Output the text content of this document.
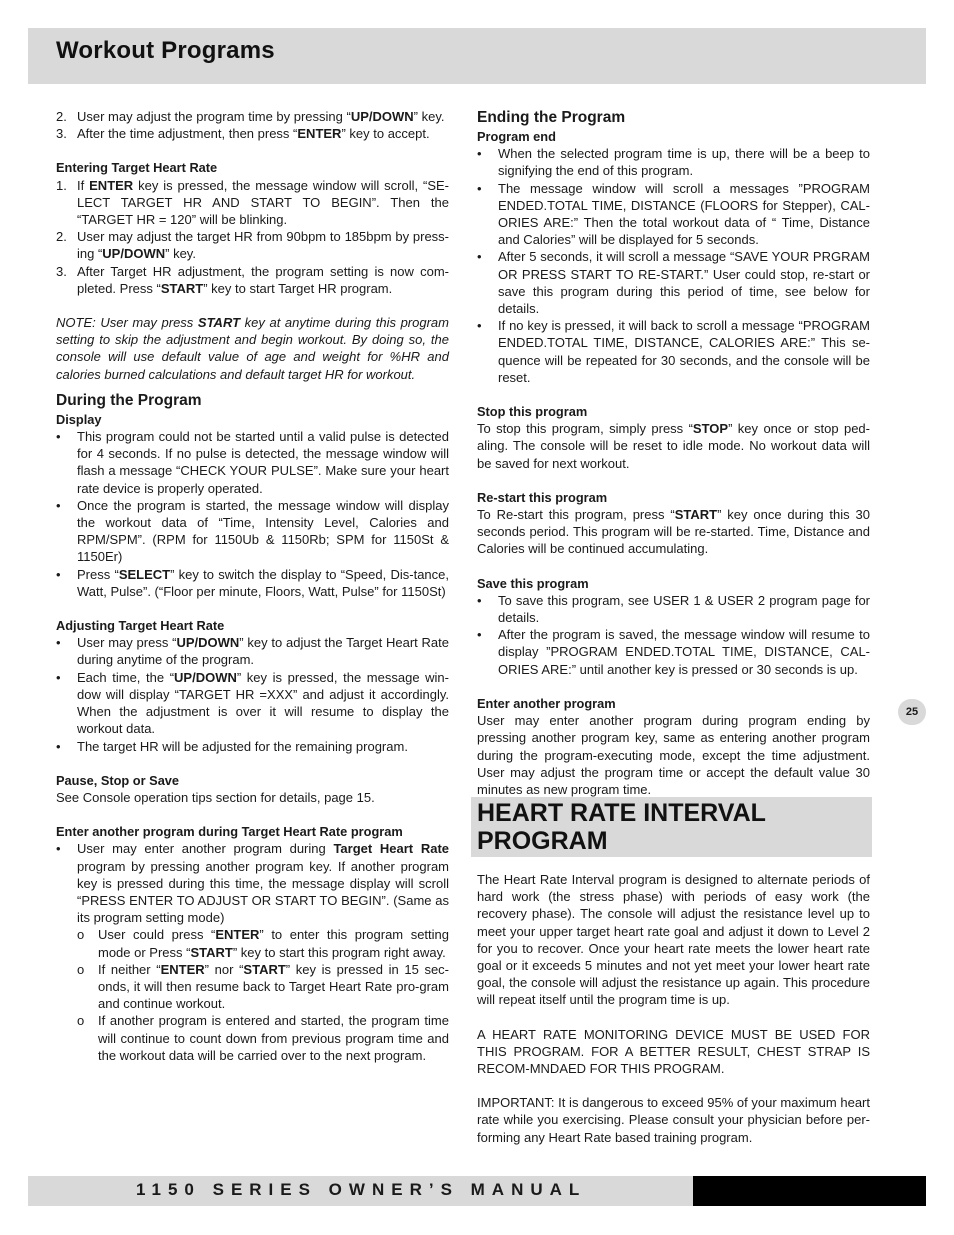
Workout Programs
2. User may adjust the program time by pressing “UP/DOWN” key.
3. After the time adjustment, then press “ENTER” key to accept.
Entering Target Heart Rate
1. If ENTER key is pressed, the message window will scroll, “SE-LECT TARGET HR AND START TO BEGIN”. Then the “TARGET HR = 120” will be blinking.
2. User may adjust the target HR from 90bpm to 185bpm by press-ing “UP/DOWN” key.
3. After Target HR adjustment, the program setting is now com-pleted. Press “START” key to start Target HR program.

NOTE: User may press START key at anytime during this program setting to skip the adjustment and begin workout. By doing so, the console will use default value of age and weight for %HR and calories burned calculations and default target HR for workout.

During the Program
Display
• This program could not be started until a valid pulse is detected for 4 seconds. If no pulse is detected, the message window will flash a message “CHECK YOUR PULSE”. Make sure your heart rate device is properly operated.
• Once the program is started, the message window will display the workout data of “Time, Intensity Level, Calories and RPM/SPM”. (RPM for 1150Ub & 1150Rb; SPM for 1150St & 1150Er)
• Press “SELECT” key to switch the display to “Speed, Dis-tance, Watt, Pulse”. (“Floor per minute, Floors, Watt, Pulse” for 1150St)
Adjusting Target Heart Rate
• User may press “UP/DOWN” key to adjust the Target Heart Rate during anytime of the program.
• Each time, the “UP/DOWN” key is pressed, the message win-dow will display “TARGET HR =XXX” and adjust it accordingly. When the adjustment is over it will resume to display the workout data.
• The target HR will be adjusted for the remaining program.
Pause, Stop or Save

See Console operation tips section for details, page 15.

Enter another program during Target Heart Rate program
• User may enter another program during Target Heart Rate program by pressing another program key. If another program key is pressed during this time, the message display will scroll “PRESS ENTER TO ADJUST OR START TO BEGIN”. (Same as its program setting mode)
o User could press “ENTER” to enter this program setting mode or Press “START” key to start this program right away.
o If neither “ENTER” nor “START” key is pressed in 15 sec-onds, it will then resume back to Target Heart Rate pro-gram and continue workout.
o If another program is entered and started, the program time will continue to count down from previous program time and the workout data will be carried over to the next program.
Ending the Program
Program end
• When the selected program time is up, there will be a beep to signifying the end of this program.
• The message window will scroll a messages ”PROGRAM ENDED.TOTAL TIME, DISTANCE (FLOORS for Stepper), CAL-ORIES ARE:” Then the total workout data of “ Time, Distance and Calories” will be displayed for 5 seconds.
• After 5 seconds, it will scroll a message “SAVE YOUR PRGRAM OR PRESS START TO RE-START.” User could stop, re-start or save this program during this period of time, see below for details.
• If no key is pressed, it will back to scroll a message “PROGRAM ENDED.TOTAL TIME, DISTANCE, CALORIES ARE:” This se-quence will be repeated for 30 seconds, and the console will be reset.
Stop this program

To stop this program, simply press “STOP” key once or stop ped-aling. The console will be reset to idle mode. No workout data will be saved for next workout.

Re-start this program

To Re-start this program, press “START” key once during this 30 seconds period. This program will be re-started. Time, Distance and Calories will be continued accumulating.

Save this program
• To save this program, see USER 1 & USER 2 program page for details.
• After the program is saved, the message window will resume to display ”PROGRAM ENDED.TOTAL TIME, DISTANCE, CAL-ORIES ARE:” until another key is pressed or 30 seconds is up.
Enter another program

User may enter another program during program ending by pressing another program key, same as entering another program during the program-executing mode, except the time adjustment. User may adjust the program time or accept the default value 30 minutes as new program time.

HEART RATE INTERVAL PROGRAM

The Heart Rate Interval program is designed to alternate periods of hard work (the stress phase) with periods of easy work (the recovery phase). The console will adjust the resistance level up to meet your upper target heart rate goal and adjust it down to Level 2 for you to recover. Once your heart rate meets the lower heart rate goal or it exceeds 5 minutes and not yet meet your lower heart rate goal, the console will adjust the resistance up again. This procedure will repeat itself until the program time is up.

A HEART RATE MONITORING DEVICE MUST BE USED FOR THIS PROGRAM. FOR A BETTER RESULT, CHEST STRAP IS RECOM-MNDAED FOR THIS PROGRAM.

IMPORTANT: It is dangerous to exceed 95% of your maximum heart rate while you exercising. Please consult your physician before per-forming any Heart Rate based training program.

25
1150 SERIES OWNER’S MANUAL
